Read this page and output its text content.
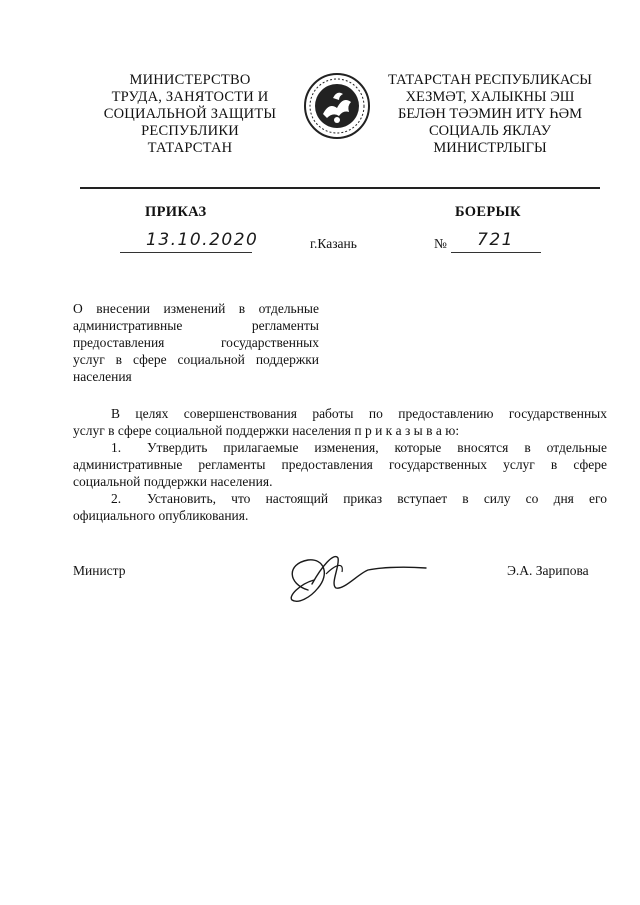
МИНИСТЕРСТВО
ТРУДА, ЗАНЯТОСТИ И
СОЦИАЛЬНОЙ ЗАЩИТЫ
РЕСПУБЛИКИ
ТАТАРСТАН
ТАТАРСТАН РЕСПУБЛИКАСЫ
ХЕЗМӘТ, ХАЛЫКНЫ ЭШ
БЕЛӘН ТӘЭМИН ИТҮ ҺӘМ
СОЦИАЛЬ ЯКЛАУ
МИНИСТРЛЫГЫ
ПРИКАЗ	БОЕРЫК
13.10.2020	г.Казань	№ 721
О внесении изменений в отдельные
административные регламенты
предоставления государственных
услуг в сфере социальной поддержки
населения
В целях совершенствования работы по предоставлению государственных
услуг в сфере социальной поддержки населения п р и к а з ы в а ю:
1. Утвердить прилагаемые изменения, которые вносятся в отдельные
административные регламенты предоставления государственных услуг в сфере
социальной поддержки населения.
2. Установить, что настоящий приказ вступает в силу со дня его
официального опубликования.
Министр	Э.А. Зарипова
